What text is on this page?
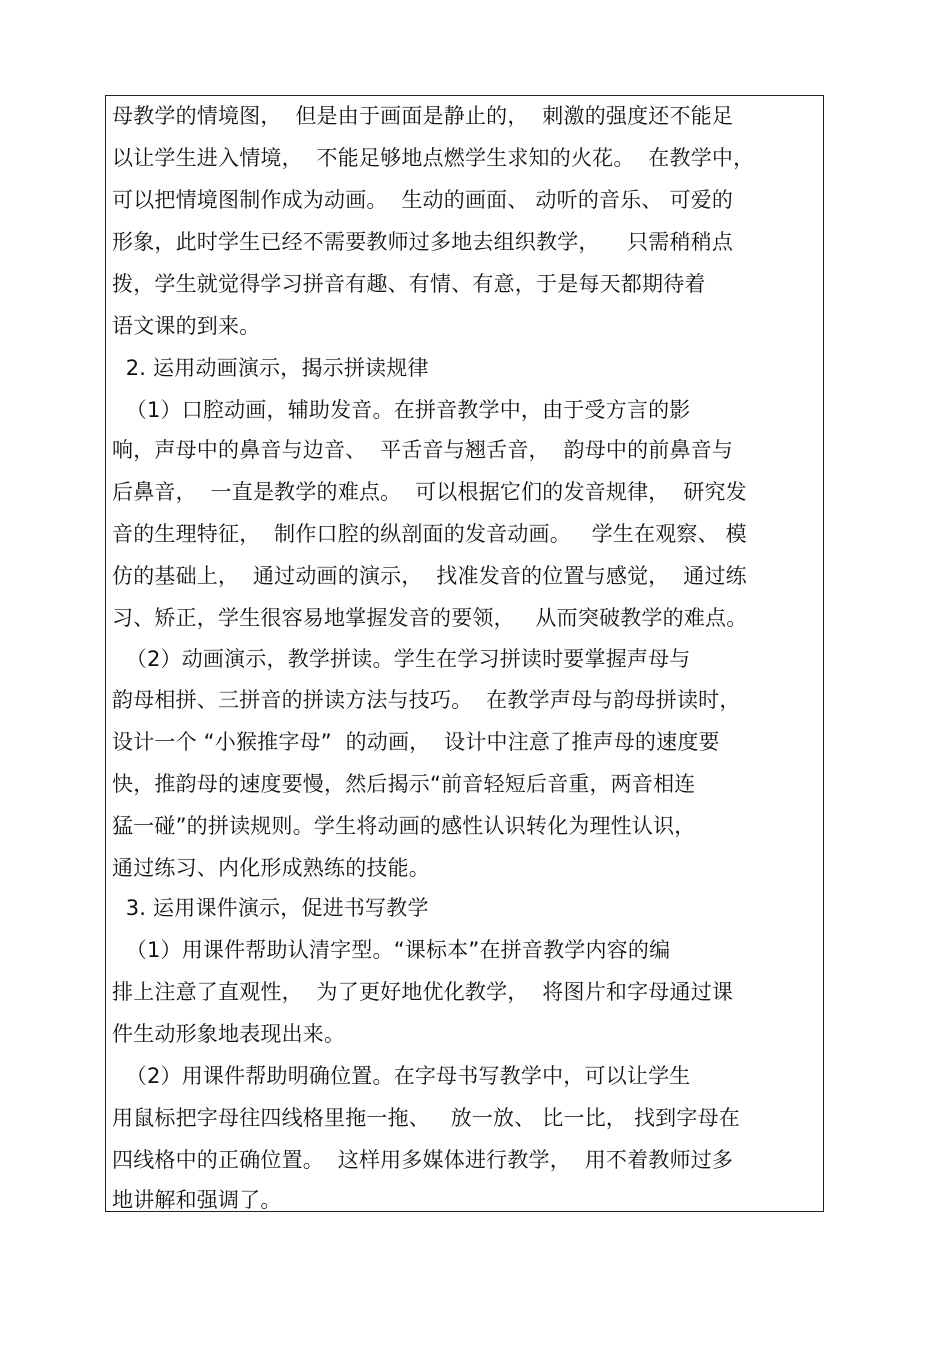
母教学的情境图，  但是由于画面是静止的，  刺激的强度还不能足
以让学生进入情境，  不能足够地点燃学生求知的火花。  在教学中，
可以把情境图制作成为动画。  生动的画面、 动听的音乐、 可爱的
形象，此时学生已经不需要教师过多地去组织教学，    只需稍稍点
拨，学生就觉得学习拼音有趣、有情、有意，于是每天都期待着
语文课的到来。
2. 运用动画演示，揭示拼读规律
（1）口腔动画，辅助发音。在拼音教学中，由于受方言的影
响，声母中的鼻音与边音、  平舌音与翘舌音，  韵母中的前鼻音与
后鼻音，  一直是教学的难点。  可以根据它们的发音规律，  研究发
音的生理特征，  制作口腔的纵剖面的发音动画。   学生在观察、 模
仿的基础上，  通过动画的演示，  找准发音的位置与感觉，  通过练
习、矫正，学生很容易地掌握发音的要领，   从而突破教学的难点。
（2）动画演示，教学拼读。学生在学习拼读时要掌握声母与
韵母相拼、三拼音的拼读方法与技巧。  在教学声母与韵母拼读时，
设计一个 “小猴推字母”  的动画，  设计中注意了推声母的速度要
快，推韵母的速度要慢，然后揭示“前音轻短后音重，两音相连
猛一碰”的拼读规则。学生将动画的感性认识转化为理性认识，
通过练习、内化形成熟练的技能。
3. 运用课件演示，促进书写教学
（1）用课件帮助认清字型。“课标本”在拼音教学内容的编
排上注意了直观性，  为了更好地优化教学，  将图片和字母通过课
件生动形象地表现出来。
（2）用课件帮助明确位置。在字母书写教学中，可以让学生
用鼠标把字母往四线格里拖一拖、   放一放、 比一比， 找到字母在
四线格中的正确位置。  这样用多媒体进行教学，  用不着教师过多
地讲解和强调了。
